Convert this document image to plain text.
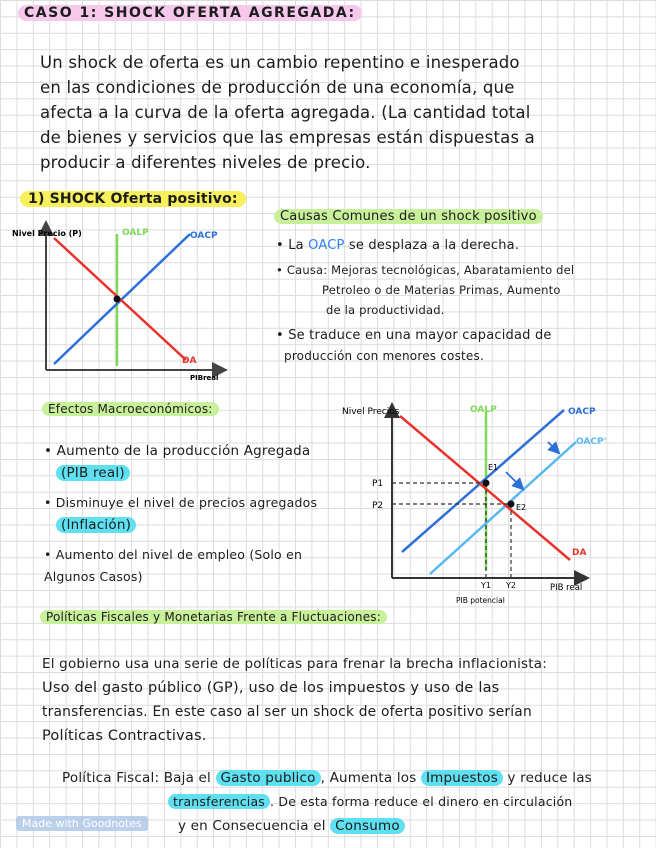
CASO 1: SHOCK OFERTA AGREGADA:
Un shock de oferta es un cambio repentino e inesperado
en las condiciones de producción de una economía, que
afecta a la curva de la oferta agregada. (La cantidad total
de bienes y servicios que las empresas están dispuestas a
producir a diferentes niveles de precio.
1) SHOCK Oferta positivo:
Nivel Precio (P)
PIBreal
OALP	OACP
DA
Causas Comunes de un shock positivo
• La OACP se desplaza a la derecha.
• Causa: Mejoras tecnológicas, Abaratamiento del
Petroleo o de Materias Primas, Aumento
de la productividad.
• Se traduce en una mayor capacidad de
producción con menores costes.
Efectos Macroeconómicos:
• Aumento de la producción Agregada
(PIB real)
• Disminuye el nivel de precios agregados
(Inflación)
• Aumento del nivel de empleo (Solo en
Algunos Casos)
Nivel Precios
PIB real
OALP	OACP
OACP'
DA
P1
P2
E1
E2
Y1 Y2
PIB potencial
Políticas Fiscales y Monetarias Frente a Fluctuaciones:
El gobierno usa una serie de políticas para frenar la brecha inflacionista:
Uso del gasto público (GP), uso de los impuestos y uso de las
transferencias. En este caso al ser un shock de oferta positivo serían
Políticas Contractivas.
Política Fiscal: Baja el Gasto publico , Aumenta los Impuestos y reduce las
transferencias . De esta forma reduce el dinero en circulación
y en Consecuencia el Consumo
Made with Goodnotes
